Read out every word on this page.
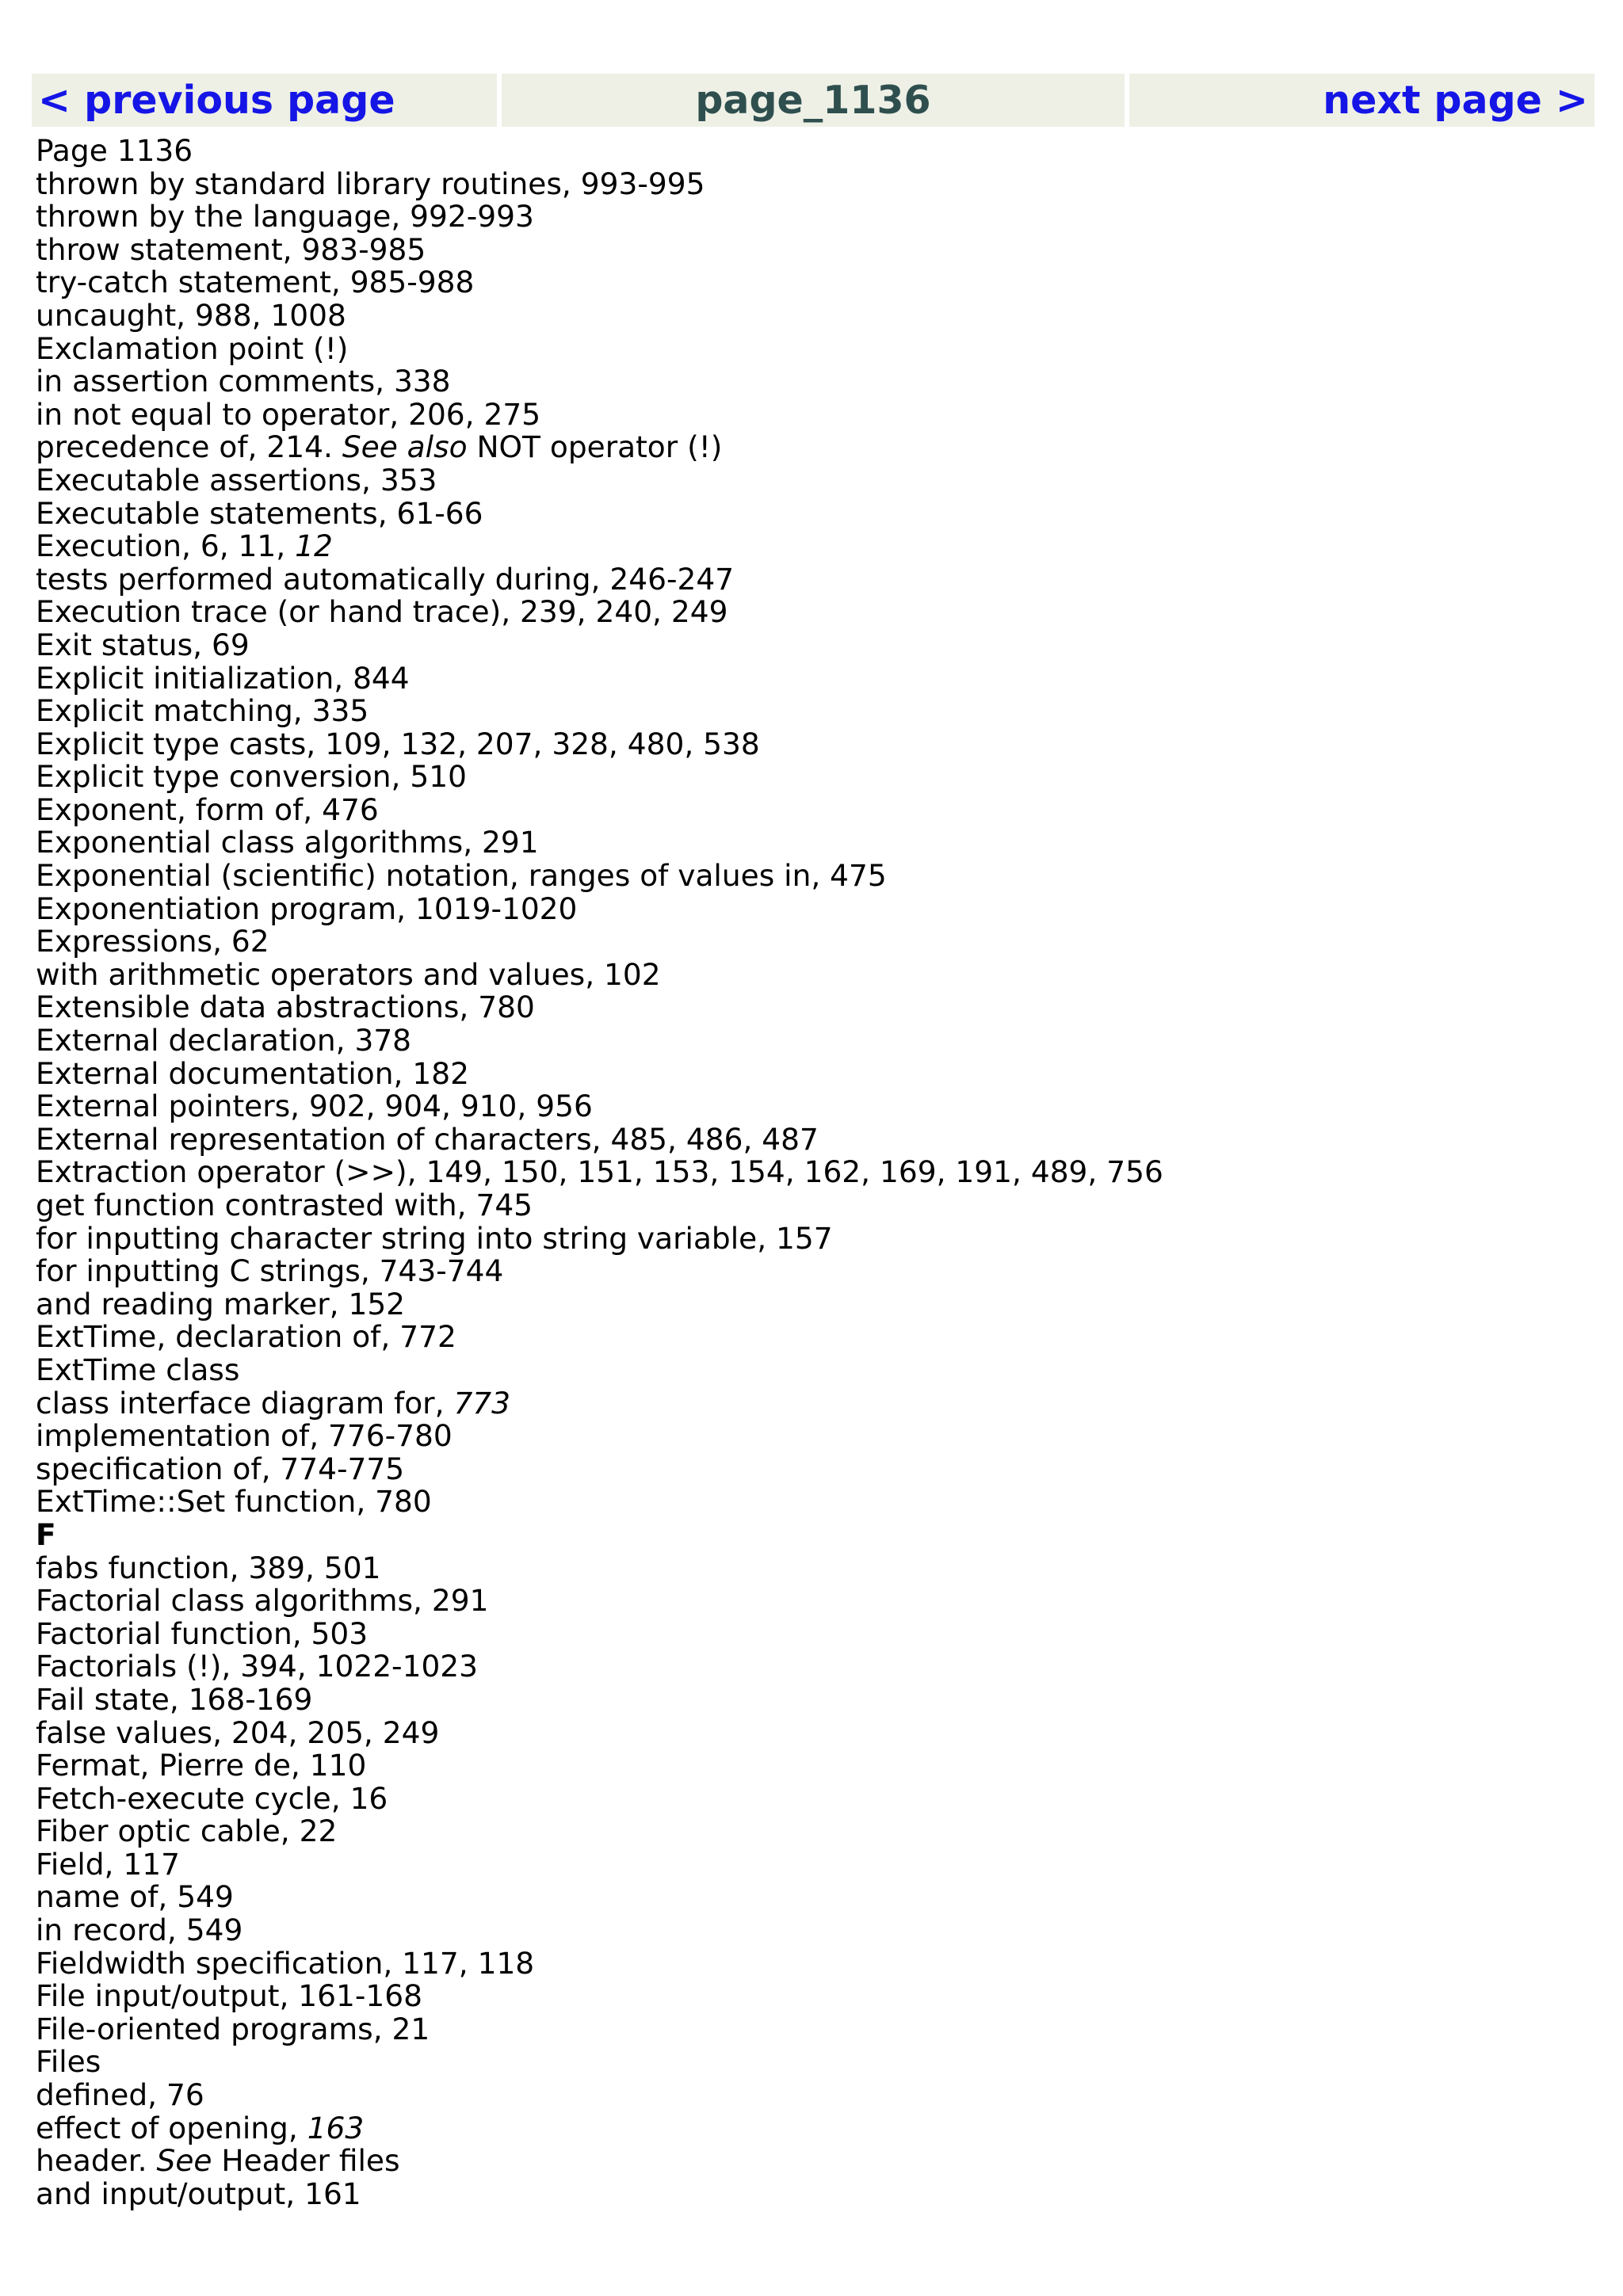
< previous page	page_1136	next page >
Page 1136
thrown by standard library routines, 993-995
thrown by the language, 992-993
throw statement, 983-985
try-catch statement, 985-988
uncaught, 988, 1008
Exclamation point (!)
in assertion comments, 338
in not equal to operator, 206, 275
precedence of, 214. See also NOT operator (!)
Executable assertions, 353
Executable statements, 61-66
Execution, 6, 11, 12
tests performed automatically during, 246-247
Execution trace (or hand trace), 239, 240, 249
Exit status, 69
Explicit initialization, 844
Explicit matching, 335
Explicit type casts, 109, 132, 207, 328, 480, 538
Explicit type conversion, 510
Exponent, form of, 476
Exponential class algorithms, 291
Exponential (scientific) notation, ranges of values in, 475
Exponentiation program, 1019-1020
Expressions, 62
with arithmetic operators and values, 102
Extensible data abstractions, 780
External declaration, 378
External documentation, 182
External pointers, 902, 904, 910, 956
External representation of characters, 485, 486, 487
Extraction operator (>>), 149, 150, 151, 153, 154, 162, 169, 191, 489, 756
get function contrasted with, 745
for inputting character string into string variable, 157
for inputting C strings, 743-744
and reading marker, 152
ExtTime, declaration of, 772
ExtTime class
class interface diagram for, 773
implementation of, 776-780
specification of, 774-775
ExtTime::Set function, 780
F
fabs function, 389, 501
Factorial class algorithms, 291
Factorial function, 503
Factorials (!), 394, 1022-1023
Fail state, 168-169
false values, 204, 205, 249
Fermat, Pierre de, 110
Fetch-execute cycle, 16
Fiber optic cable, 22
Field, 117
name of, 549
in record, 549
Fieldwidth specification, 117, 118
File input/output, 161-168
File-oriented programs, 21
Files
defined, 76
effect of opening, 163
header. See Header files
and input/output, 161
